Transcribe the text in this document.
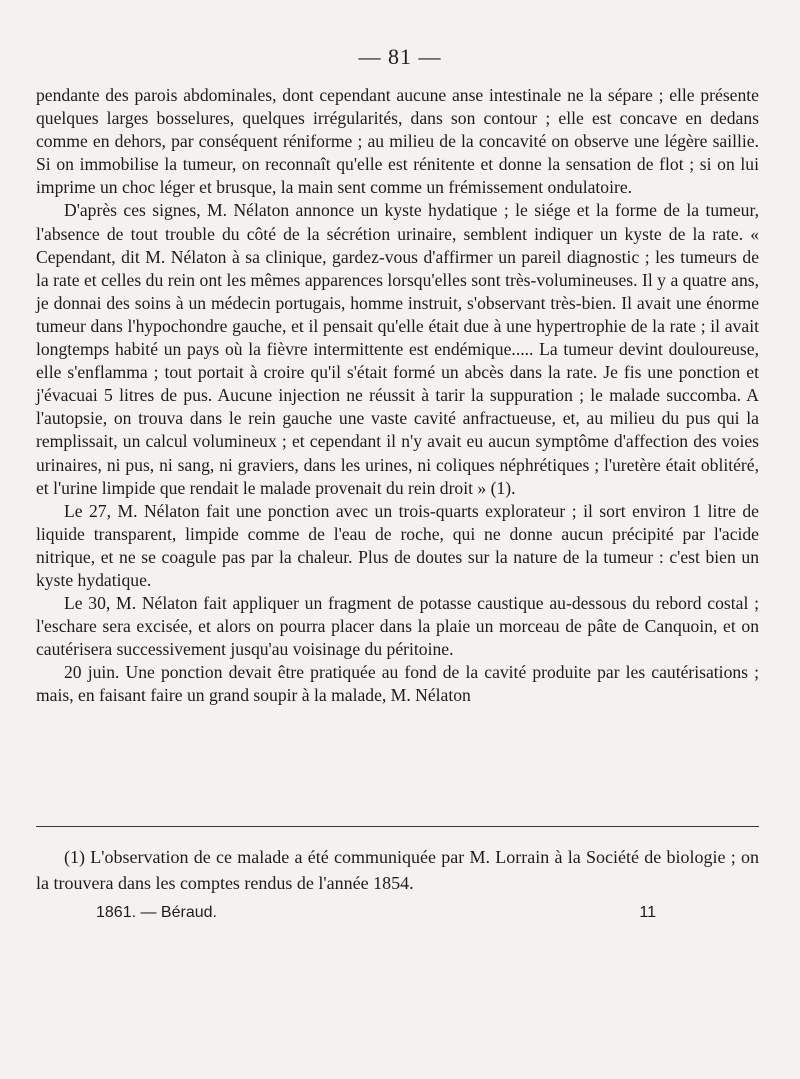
— 81 —

pendante des parois abdominales, dont cependant aucune anse intestinale ne la sépare ; elle présente quelques larges bosselures, quelques irrégularités, dans son contour ; elle est concave en dedans comme en dehors, par conséquent réniforme ; au milieu de la concavité on observe une légère saillie. Si on immobilise la tumeur, on reconnaît qu'elle est rénitente et donne la sensation de flot ; si on lui imprime un choc léger et brusque, la main sent comme un frémissement ondulatoire.

D'après ces signes, M. Nélaton annonce un kyste hydatique ; le siége et la forme de la tumeur, l'absence de tout trouble du côté de la sécrétion urinaire, semblent indiquer un kyste de la rate. « Cependant, dit M. Nélaton à sa clinique, gardez-vous d'affirmer un pareil diagnostic ; les tumeurs de la rate et celles du rein ont les mêmes apparences lorsqu'elles sont très-volumineuses. Il y a quatre ans, je donnai des soins à un médecin portugais, homme instruit, s'observant très-bien. Il avait une énorme tumeur dans l'hypochondre gauche, et il pensait qu'elle était due à une hypertrophie de la rate ; il avait longtemps habité un pays où la fièvre intermittente est endémique..... La tumeur devint douloureuse, elle s'enflamma ; tout portait à croire qu'il s'était formé un abcès dans la rate. Je fis une ponction et j'évacuai 5 litres de pus. Aucune injection ne réussit à tarir la suppuration ; le malade succomba. A l'autopsie, on trouva dans le rein gauche une vaste cavité anfractueuse, et, au milieu du pus qui la remplissait, un calcul volumineux ; et cependant il n'y avait eu aucun symptôme d'affection des voies urinaires, ni pus, ni sang, ni graviers, dans les urines, ni coliques néphrétiques ; l'uretère était oblitéré, et l'urine limpide que rendait le malade provenait du rein droit » (1).

Le 27, M. Nélaton fait une ponction avec un trois-quarts explorateur ; il sort environ 1 litre de liquide transparent, limpide comme de l'eau de roche, qui ne donne aucun précipité par l'acide nitrique, et ne se coagule pas par la chaleur. Plus de doutes sur la nature de la tumeur : c'est bien un kyste hydatique.

Le 30, M. Nélaton fait appliquer un fragment de potasse caustique au-dessous du rebord costal ; l'eschare sera excisée, et alors on pourra placer dans la plaie un morceau de pâte de Canquoin, et on cautérisera successivement jusqu'au voisinage du péritoine.

20 juin. Une ponction devait être pratiquée au fond de la cavité produite par les cautérisations ; mais, en faisant faire un grand soupir à la malade, M. Nélaton

(1) L'observation de ce malade a été communiquée par M. Lorrain à la Société de biologie ; on la trouvera dans les comptes rendus de l'année 1854.

1861. — Béraud.	11
